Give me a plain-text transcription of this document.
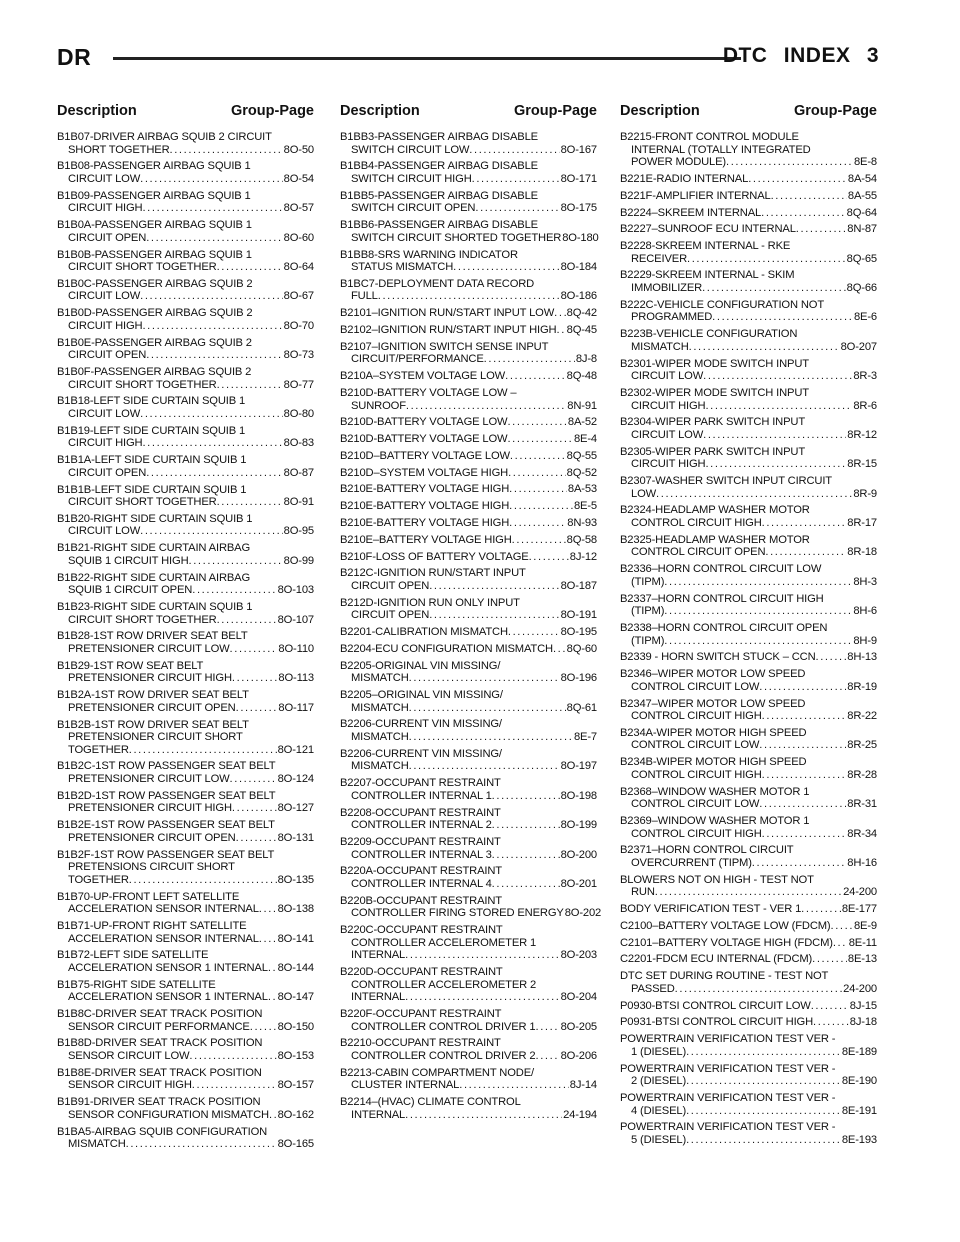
DR	DTC INDEX 3
Description	Group-Page
B1B07-DRIVER AIRBAG SQUIB 2 CIRCUIT
SHORT TOGETHER .....	8O-50
B1B08-PASSENGER AIRBAG SQUIB 1
CIRCUIT LOW .....	8O-54
B1B09-PASSENGER AIRBAG SQUIB 1
CIRCUIT HIGH .....	8O-57
B1B0A-PASSENGER AIRBAG SQUIB 1
CIRCUIT OPEN .....	8O-60
B1B0B-PASSENGER AIRBAG SQUIB 1
CIRCUIT SHORT TOGETHER .....	8O-64
B1B0C-PASSENGER AIRBAG SQUIB 2
CIRCUIT LOW .....	8O-67
B1B0D-PASSENGER AIRBAG SQUIB 2
CIRCUIT HIGH .....	8O-70
B1B0E-PASSENGER AIRBAG SQUIB 2
CIRCUIT OPEN .....	8O-73
B1B0F-PASSENGER AIRBAG SQUIB 2
CIRCUIT SHORT TOGETHER .....	8O-77
B1B18-LEFT SIDE CURTAIN SQUIB 1
CIRCUIT LOW .....	8O-80
B1B19-LEFT SIDE CURTAIN SQUIB 1
CIRCUIT HIGH .....	8O-83
B1B1A-LEFT SIDE CURTAIN SQUIB 1
CIRCUIT OPEN .....	8O-87
B1B1B-LEFT SIDE CURTAIN SQUIB 1
CIRCUIT SHORT TOGETHER .....	8O-91
B1B20-RIGHT SIDE CURTAIN SQUIB 1
CIRCUIT LOW .....	8O-95
B1B21-RIGHT SIDE CURTAIN AIRBAG
SQUIB 1 CIRCUIT HIGH .....	8O-99
B1B22-RIGHT SIDE CURTAIN AIRBAG
SQUIB 1 CIRCUIT OPEN .....	8O-103
B1B23-RIGHT SIDE CURTAIN SQUIB 1
CIRCUIT SHORT TOGETHER .....	8O-107
B1B28-1ST ROW DRIVER SEAT BELT
PRETENSIONER CIRCUIT LOW .....	8O-110
B1B29-1ST ROW SEAT BELT
PRETENSIONER CIRCUIT HIGH .....	8O-113
B1B2A-1ST ROW DRIVER SEAT BELT
PRETENSIONER CIRCUIT OPEN .....	8O-117
B1B2B-1ST ROW DRIVER SEAT BELT
PRETENSIONER CIRCUIT SHORT
TOGETHER .....	8O-121
B1B2C-1ST ROW PASSENGER SEAT BELT
PRETENSIONER CIRCUIT LOW .....	8O-124
B1B2D-1ST ROW PASSENGER SEAT BELT
PRETENSIONER CIRCUIT HIGH .....	8O-127
B1B2E-1ST ROW PASSENGER SEAT BELT
PRETENSIONER CIRCUIT OPEN .....	8O-131
B1B2F-1ST ROW PASSENGER SEAT BELT
PRETENSIONS CIRCUIT SHORT
TOGETHER .....	8O-135
B1B70-UP-FRONT LEFT SATELLITE
ACCELERATION SENSOR INTERNAL ..... 8O-138
B1B71-UP-FRONT RIGHT SATELLITE
ACCELERATION SENSOR INTERNAL ..... 8O-141
B1B72-LEFT SIDE SATELLITE
ACCELERATION SENSOR 1 INTERNAL ..... 8O-144
B1B75-RIGHT SIDE SATELLITE
ACCELERATION SENSOR 1 INTERNAL ..... 8O-147
B1B8C-DRIVER SEAT TRACK POSITION
SENSOR CIRCUIT PERFORMANCE ..... 8O-150
B1B8D-DRIVER SEAT TRACK POSITION
SENSOR CIRCUIT LOW .....	8O-153
B1B8E-DRIVER SEAT TRACK POSITION
SENSOR CIRCUIT HIGH .....	8O-157
B1B91-DRIVER SEAT TRACK POSITION
SENSOR CONFIGURATION MISMATCH ..... 8O-162
B1BA5-AIRBAG SQUIB CONFIGURATION
MISMATCH .....	8O-165
Description	Group-Page
B1BB3-PASSENGER AIRBAG DISABLE
SWITCH CIRCUIT LOW .....	8O-167
B1BB4-PASSENGER AIRBAG DISABLE
SWITCH CIRCUIT HIGH .....	8O-171
B1BB5-PASSENGER AIRBAG DISABLE
SWITCH CIRCUIT OPEN .....	8O-175
B1BB6-PASSENGER AIRBAG DISABLE
SWITCH CIRCUIT SHORTED TOGETHER 8O-180
B1BB8-SRS WARNING INDICATOR
STATUS MISMATCH .....	8O-184
B1BC7-DEPLOYMENT DATA RECORD
FULL .....	8O-186
B2101–IGNITION RUN/START INPUT LOW ..... 8Q-42
B2102–IGNITION RUN/START INPUT HIGH ..... 8Q-45
B2107–IGNITION SWITCH SENSE INPUT
CIRCUIT/PERFORMANCE .....	8J-8
B210A–SYSTEM VOLTAGE LOW .....	8Q-48
B210D-BATTERY VOLTAGE LOW –
SUNROOF .....	8N-91
B210D-BATTERY VOLTAGE LOW .....	8A-52
B210D-BATTERY VOLTAGE LOW .....	8E-4
B210D–BATTERY VOLTAGE LOW .....	8Q-55
B210D–SYSTEM VOLTAGE HIGH .....	8Q-52
B210E-BATTERY VOLTAGE HIGH .....	8A-53
B210E-BATTERY VOLTAGE HIGH .....	8E-5
B210E-BATTERY VOLTAGE HIGH .....	8N-93
B210E–BATTERY VOLTAGE HIGH .....	8Q-58
B210F-LOSS OF BATTERY VOLTAGE .....	8J-12
B212C-IGNITION RUN/START INPUT
CIRCUIT OPEN .....	8O-187
B212D-IGNITION RUN ONLY INPUT
CIRCUIT OPEN .....	8O-191
B2201-CALIBRATION MISMATCH .....	8O-195
B2204-ECU CONFIGURATION MISMATCH ..... 8Q-60
B2205-ORIGINAL VIN MISSING/
MISMATCH .....	8O-196
B2205–ORIGINAL VIN MISSING/
MISMATCH .....	8Q-61
B2206-CURRENT VIN MISSING/
MISMATCH .....	8E-7
B2206-CURRENT VIN MISSING/
MISMATCH .....	8O-197
B2207-OCCUPANT RESTRAINT
CONTROLLER INTERNAL 1 .....	8O-198
B2208-OCCUPANT RESTRAINT
CONTROLLER INTERNAL 2 .....	8O-199
B2209-OCCUPANT RESTRAINT
CONTROLLER INTERNAL 3 .....	8O-200
B220A-OCCUPANT RESTRAINT
CONTROLLER INTERNAL 4 .....	8O-201
B220B-OCCUPANT RESTRAINT
CONTROLLER FIRING STORED ENERGY 8O-202
B220C-OCCUPANT RESTRAINT
CONTROLLER ACCELEROMETER 1
INTERNAL .....	8O-203
B220D-OCCUPANT RESTRAINT
CONTROLLER ACCELEROMETER 2
INTERNAL .....	8O-204
B220F-OCCUPANT RESTRAINT
CONTROLLER CONTROL DRIVER 1 ..... 8O-205
B2210-OCCUPANT RESTRAINT
CONTROLLER CONTROL DRIVER 2 ..... 8O-206
B2213-CABIN COMPARTMENT NODE/
CLUSTER INTERNAL .....	8J-14
B2214–(HVAC) CLIMATE CONTROL
INTERNAL .....	24-194
Description	Group-Page
B2215-FRONT CONTROL MODULE
INTERNAL (TOTALLY INTEGRATED
POWER MODULE) .....	8E-8
B221E-RADIO INTERNAL .....	8A-54
B221F-AMPLIFIER INTERNAL .....	8A-55
B2224–SKREEM INTERNAL .....	8Q-64
B2227–SUNROOF ECU INTERNAL .....	8N-87
B2228-SKREEM INTERNAL - RKE
RECEIVER .....	8Q-65
B2229-SKREEM INTERNAL - SKIM
IMMOBILIZER .....	8Q-66
B222C-VEHICLE CONFIGURATION NOT
PROGRAMMED .....	8E-6
B223B-VEHICLE CONFIGURATION
MISMATCH .....	8O-207
B2301-WIPER MODE SWITCH INPUT
CIRCUIT LOW .....	8R-3
B2302-WIPER MODE SWITCH INPUT
CIRCUIT HIGH .....	8R-6
B2304-WIPER PARK SWITCH INPUT
CIRCUIT LOW .....	8R-12
B2305-WIPER PARK SWITCH INPUT
CIRCUIT HIGH .....	8R-15
B2307-WASHER SWITCH INPUT CIRCUIT
LOW .....	8R-9
B2324-HEADLAMP WASHER MOTOR
CONTROL CIRCUIT HIGH .....	8R-17
B2325-HEADLAMP WASHER MOTOR
CONTROL CIRCUIT OPEN .....	8R-18
B2336–HORN CONTROL CIRCUIT LOW
(TIPM) .....	8H-3
B2337–HORN CONTROL CIRCUIT HIGH
(TIPM) .....	8H-6
B2338–HORN CONTROL CIRCUIT OPEN
(TIPM) .....	8H-9
B2339 - HORN SWITCH STUCK – CCN .....	8H-13
B2346–WIPER MOTOR LOW SPEED
CONTROL CIRCUIT LOW .....	8R-19
B2347–WIPER MOTOR LOW SPEED
CONTROL CIRCUIT HIGH .....	8R-22
B234A-WIPER MOTOR HIGH SPEED
CONTROL CIRCUIT LOW .....	8R-25
B234B-WIPER MOTOR HIGH SPEED
CONTROL CIRCUIT HIGH .....	8R-28
B2368–WINDOW WASHER MOTOR 1
CONTROL CIRCUIT LOW .....	8R-31
B2369–WINDOW WASHER MOTOR 1
CONTROL CIRCUIT HIGH .....	8R-34
B2371–HORN CONTROL CIRCUIT
OVERCURRENT (TIPM) .....	8H-16
BLOWERS NOT ON HIGH - TEST NOT
RUN .....	24-200
BODY VERIFICATION TEST - VER 1 .....	8E-177
C2100–BATTERY VOLTAGE LOW (FDCM) ..... 8E-9
C2101–BATTERY VOLTAGE HIGH (FDCM) ..... 8E-11
C2201-FDCM ECU INTERNAL (FDCM) .....	8E-13
DTC SET DURING ROUTINE - TEST NOT
PASSED .....	24-200
P0930-BTSI CONTROL CIRCUIT LOW .....	8J-15
P0931-BTSI CONTROL CIRCUIT HIGH .....	8J-18
POWERTRAIN VERIFICATION TEST VER -
1 (DIESEL) .....	8E-189
POWERTRAIN VERIFICATION TEST VER -
2 (DIESEL) .....	8E-190
POWERTRAIN VERIFICATION TEST VER -
4 (DIESEL) .....	8E-191
POWERTRAIN VERIFICATION TEST VER -
5 (DIESEL) .....	8E-193
